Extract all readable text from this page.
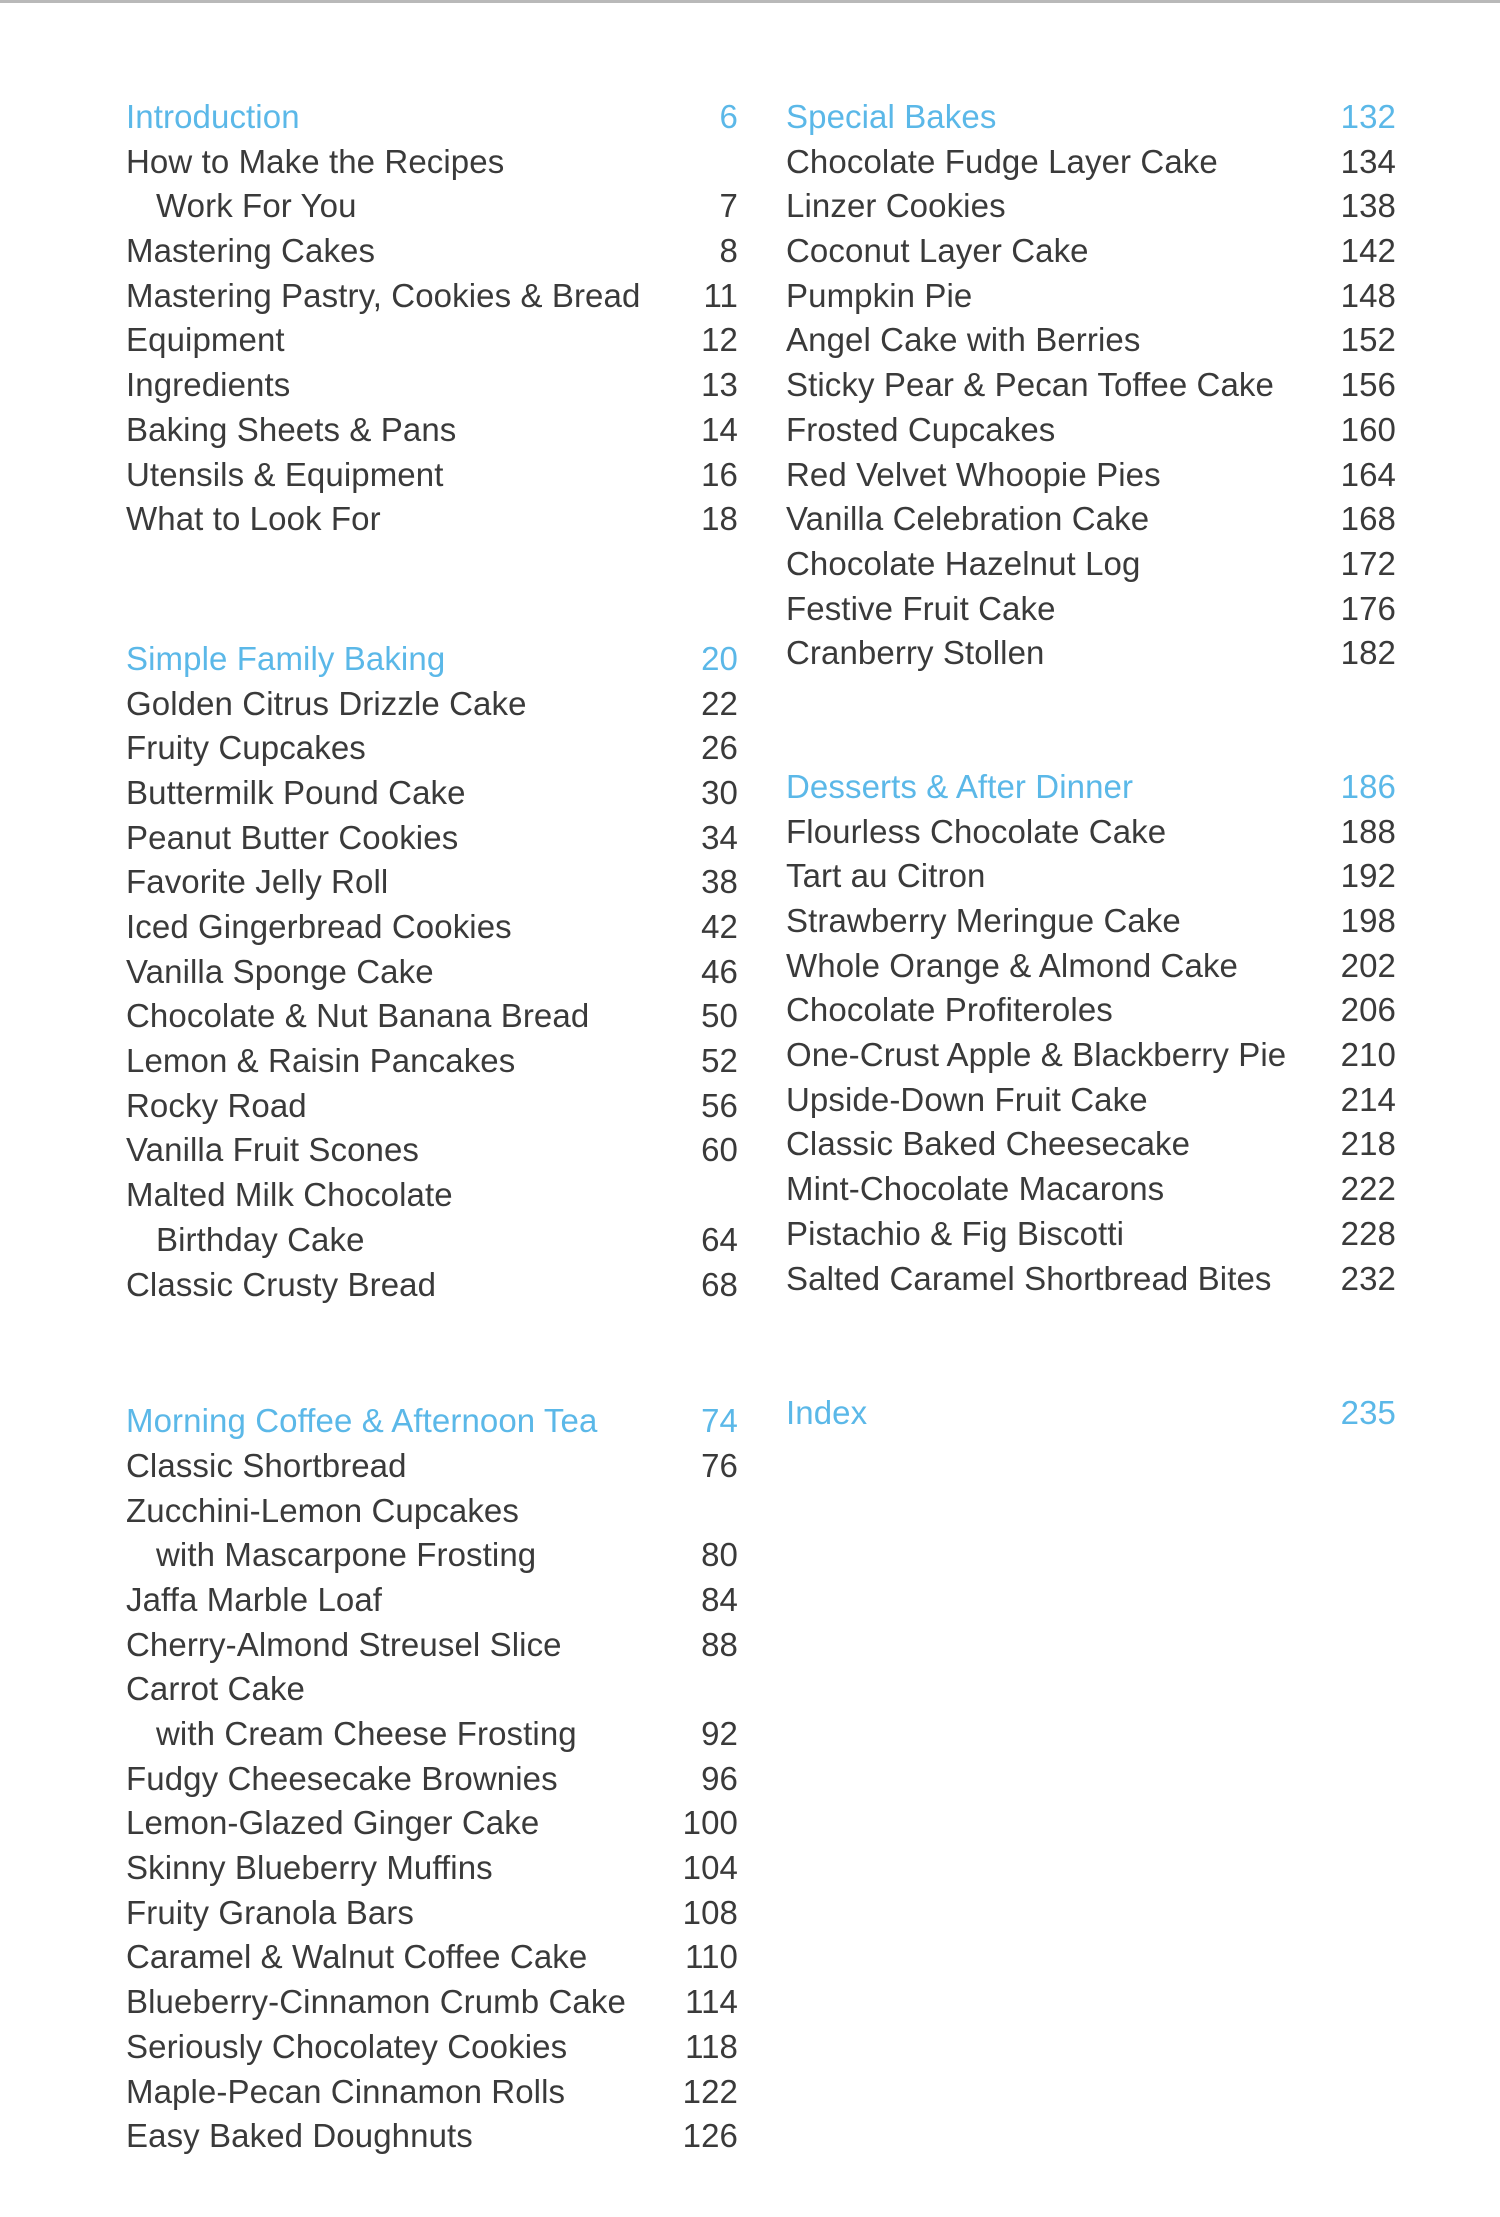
Introduction	6
How to Make the Recipes
Work For You	7
Mastering Cakes	8
Mastering Pastry, Cookies & Bread	11
Equipment	12
Ingredients	13
Baking Sheets & Pans	14
Utensils & Equipment	16
What to Look For	18
Simple Family Baking	20
Golden Citrus Drizzle Cake	22
Fruity Cupcakes	26
Buttermilk Pound Cake	30
Peanut Butter Cookies	34
Favorite Jelly Roll	38
Iced Gingerbread Cookies	42
Vanilla Sponge Cake	46
Chocolate & Nut Banana Bread	50
Lemon & Raisin Pancakes	52
Rocky Road	56
Vanilla Fruit Scones	60
Malted Milk Chocolate
Birthday Cake	64
Classic Crusty Bread	68
Morning Coffee & Afternoon Tea	74
Classic Shortbread	76
Zucchini-Lemon Cupcakes
with Mascarpone Frosting	80
Jaffa Marble Loaf	84
Cherry-Almond Streusel Slice	88
Carrot Cake
with Cream Cheese Frosting	92
Fudgy Cheesecake Brownies	96
Lemon-Glazed Ginger Cake	100
Skinny Blueberry Muffins	104
Fruity Granola Bars	108
Caramel & Walnut Coffee Cake	110
Blueberry-Cinnamon Crumb Cake	114
Seriously Chocolatey Cookies	118
Maple-Pecan Cinnamon Rolls	122
Easy Baked Doughnuts	126
Special Bakes	132
Chocolate Fudge Layer Cake	134
Linzer Cookies	138
Coconut Layer Cake	142
Pumpkin Pie	148
Angel Cake with Berries	152
Sticky Pear & Pecan Toffee Cake	156
Frosted Cupcakes	160
Red Velvet Whoopie Pies	164
Vanilla Celebration Cake	168
Chocolate Hazelnut Log	172
Festive Fruit Cake	176
Cranberry Stollen	182
Desserts & After Dinner	186
Flourless Chocolate Cake	188
Tart au Citron	192
Strawberry Meringue Cake	198
Whole Orange & Almond Cake	202
Chocolate Profiteroles	206
One-Crust Apple & Blackberry Pie	210
Upside-Down Fruit Cake	214
Classic Baked Cheesecake	218
Mint-Chocolate Macarons	222
Pistachio & Fig Biscotti	228
Salted Caramel Shortbread Bites	232
Index	235
